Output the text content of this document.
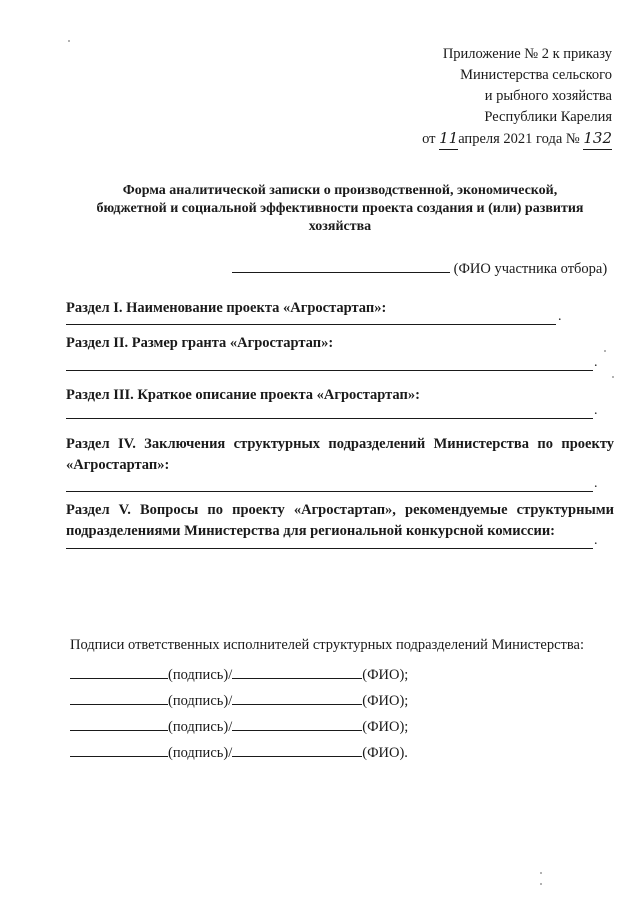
Приложение № 2 к приказу
Министерства сельского
и рыбного хозяйства
Республики Карелия
от 11апреля 2021 года № 132
Форма аналитической записки о производственной, экономической,
бюджетной и социальной эффективности проекта создания и (или) развития
хозяйства
(ФИО участника отбора)
Раздел I. Наименование проекта «Агростартап»:
.
Раздел II. Размер гранта «Агростартап»:
.
Раздел III. Краткое описание проекта «Агростартап»:
.
Раздел IV. Заключения структурных подразделений Министерства по проекту «Агростартап»:
.
Раздел V. Вопросы по проекту «Агростартап», рекомендуемые структурными подразделениями Министерства для региональной конкурсной комиссии:
.
Подписи ответственных исполнителей структурных подразделений Министерства:
(подпись)/	(ФИО);
(подпись)/	(ФИО);
(подпись)/	(ФИО);
(подпись)/	(ФИО).
